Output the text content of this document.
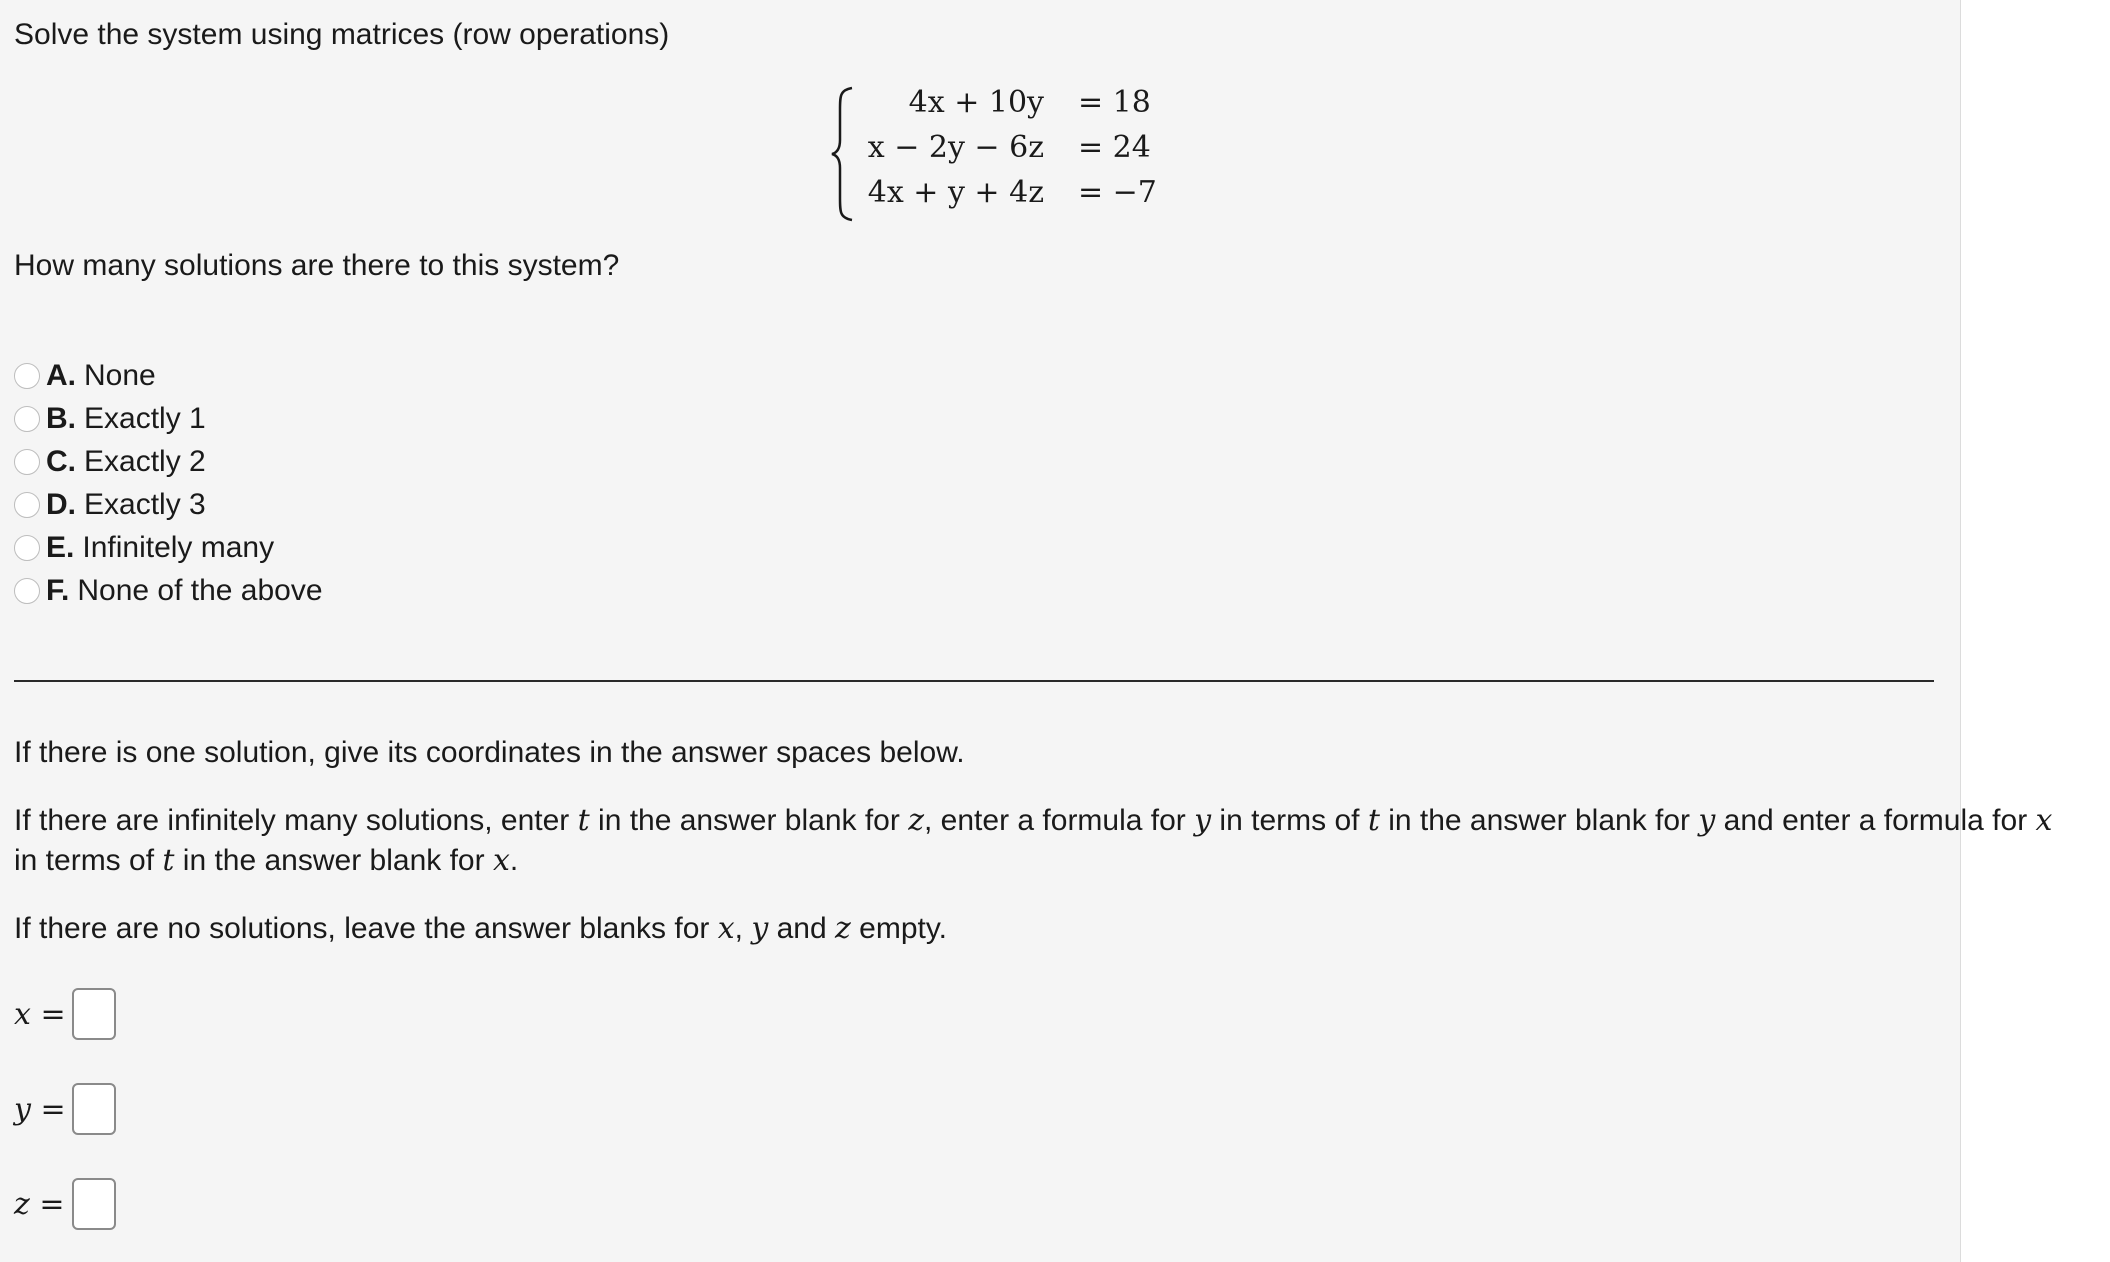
Solve the system using matrices (row operations)

4x + 10y = 18
x − 2y − 6z = 24
4x + y + 4z = −7

How many solutions are there to this system?

A. None
B. Exactly 1
C. Exactly 2
D. Exactly 3
E. Infinitely many
F. None of the above

If there is one solution, give its coordinates in the answer spaces below.

If there are infinitely many solutions, enter t in the answer blank for z, enter a formula for y in terms of t in the answer blank for y and enter a formula for x

in terms of t in the answer blank for x.

If there are no solutions, leave the answer blanks for x, y and z empty.

x =
y =
z =
